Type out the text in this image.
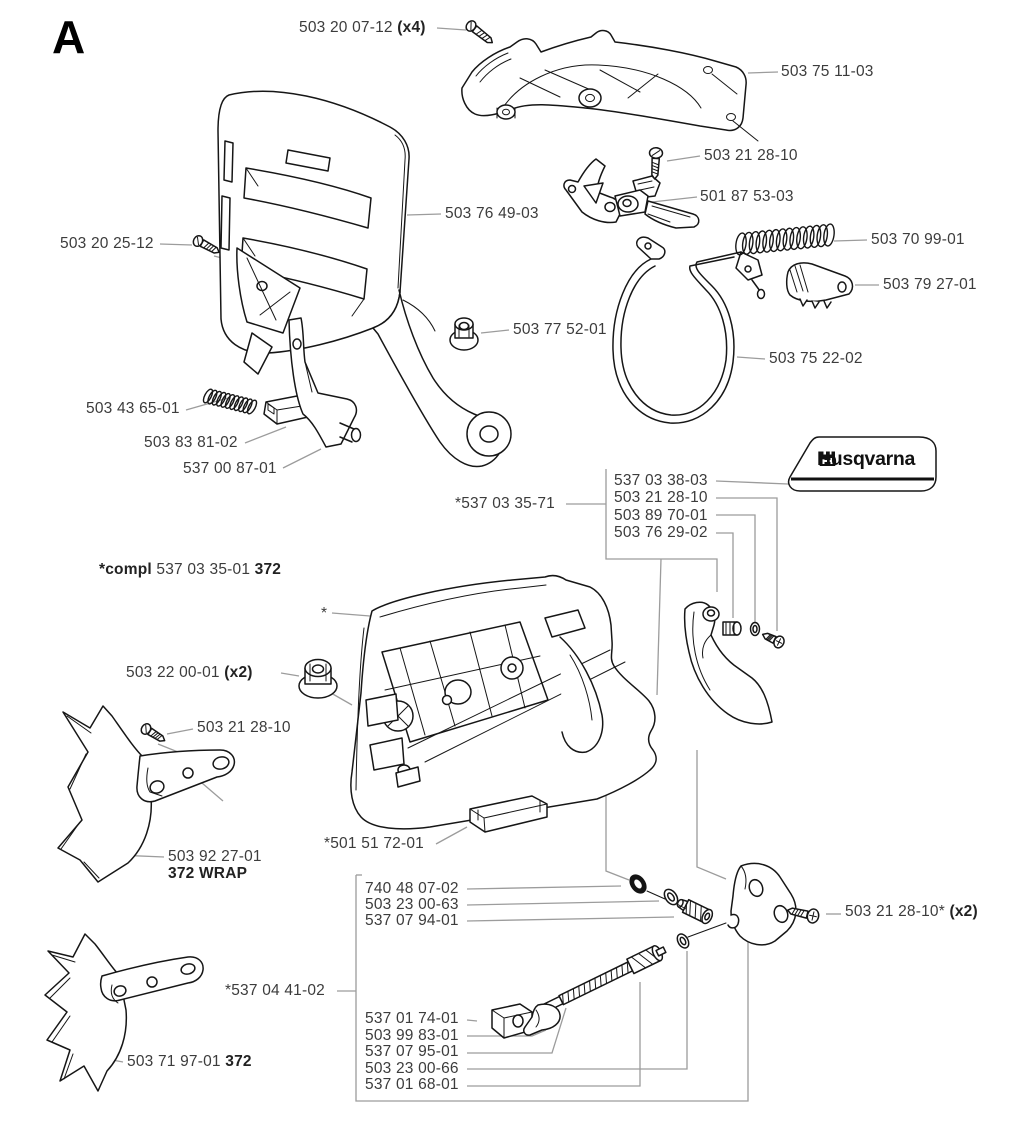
A
Husqvarna
503 20 07-12 (x4)
503 75 11-03
503 21 28-10
501 87 53-03
503 76 49-03
503 70 99-01
503 20 25-12
503 79 27-01
503 77 52-01
503 75 22-02
503 43 65-01
503 83 81-02
537 00 87-01
537 03 38-03
503 21 28-10
503 89 70-01
503 76 29-02
*537 03 35-71
*compl 537 03 35-01 372
*
503 22 00-01 (x2)
503 21 28-10
*501 51 72-01
503 92 27-01
372 WRAP
740 48 07-02
503 23 00-63
537 07 94-01
*537 04 41-02
537 01 74-01
503 99 83-01
537 07 95-01
503 23 00-66
537 01 68-01
503 21 28-10* (x2)
503 71 97-01 372
